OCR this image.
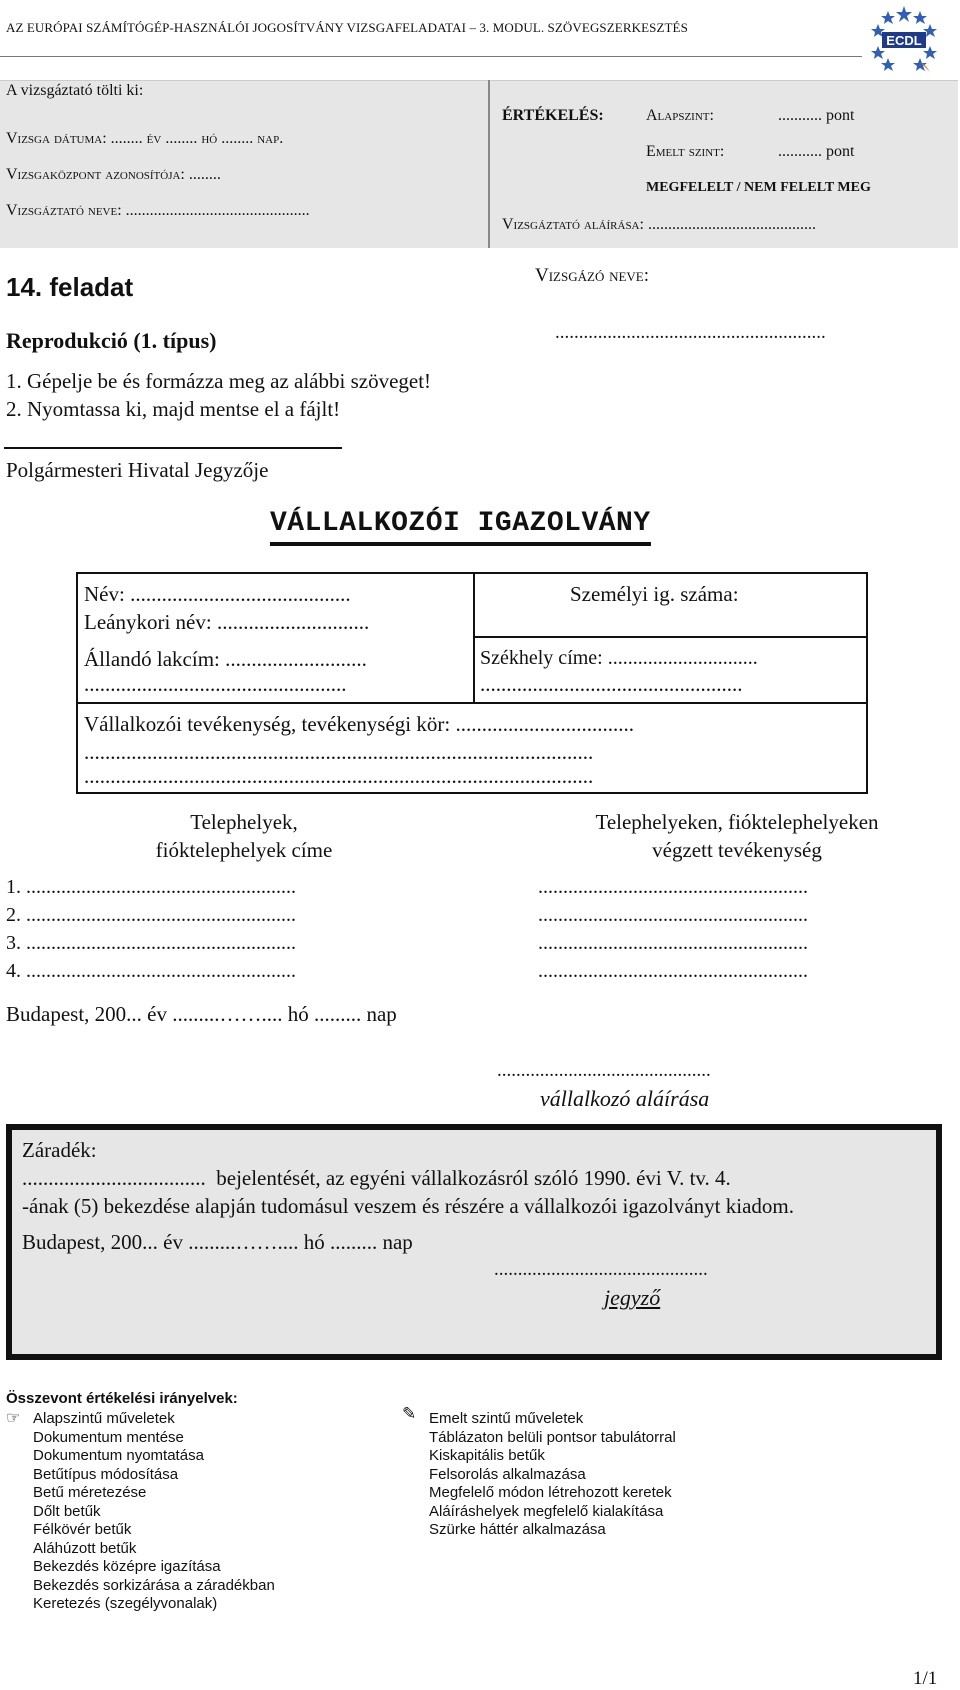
AZ EURÓPAI SZÁMÍTÓGÉP-HASZNÁLÓI JOGOSÍTVÁNY VIZSGAFELADATAI – 3. MODUL. SZÖVEGSZERKESZTÉS
ECDL
A vizsgáztató tölti ki:
Vizsga dátuma: ........ év ........ hó ........ nap.
Vizsgaközpont azonosítója: ........
Vizsgáztató neve: ..............................................
ÉRTÉKELÉS:	Alapszint:	........... pont
Emelt szint:	........... pont
MEGFELELT / NEM FELELT MEG
Vizsgáztató aláírása: ..........................................
14. feladat
Reprodukció (1. típus)
1. Gépelje be és formázza meg az alábbi szöveget!
2. Nyomtassa ki, majd mentse el a fájlt!
Vizsgázó neve:
.........................................................
Polgármesteri Hivatal Jegyzője
VÁLLALKOZÓI IGAZOLVÁNY
Név: ..........................................
Leánykori név: .............................
Személyi ig. száma:
Állandó lakcím: ...........................
..................................................
Székhely címe: ..............................
..................................................
Vállalkozói tevékenység, tevékenységi kör: ..................................
.................................................................................................
.................................................................................................
Telephelyek,
fióktelephelyek címe
Telephelyeken, fióktelephelyeken
végzett tevékenység
1. ......................................................	......................................................
2. ......................................................	......................................................
3. ......................................................	......................................................
4. ......................................................	......................................................
Budapest, 200... év .........…….... hó ......... nap
.............................................
vállalkozó aláírása
Záradék:
................................... bejelentését, az egyéni vállalkozásról szóló 1990. évi V. tv. 4.
-ának (5) bekezdése alapján tudomásul veszem és részére a vállalkozói igazolványt kiadom.
Budapest, 200... év .........…….... hó ......... nap
.............................................
jegyző
Összevont értékelési irányelvek:
☞ Alapszintű műveletek
Dokumentum mentése
Dokumentum nyomtatása
Betűtípus módosítása
Betű méretezése
Dőlt betűk
Félkövér betűk
Aláhúzott betűk
Bekezdés középre igazítása
Bekezdés sorkizárása a záradékban
Keretezés (szegélyvonalak)
✎ Emelt szintű műveletek
Táblázaton belüli pontsor tabulátorral
Kiskapitális betűk
Felsorolás alkalmazása
Megfelelő módon létrehozott keretek
Aláíráshelyek megfelelő kialakítása
Szürke háttér alkalmazása
1/1
